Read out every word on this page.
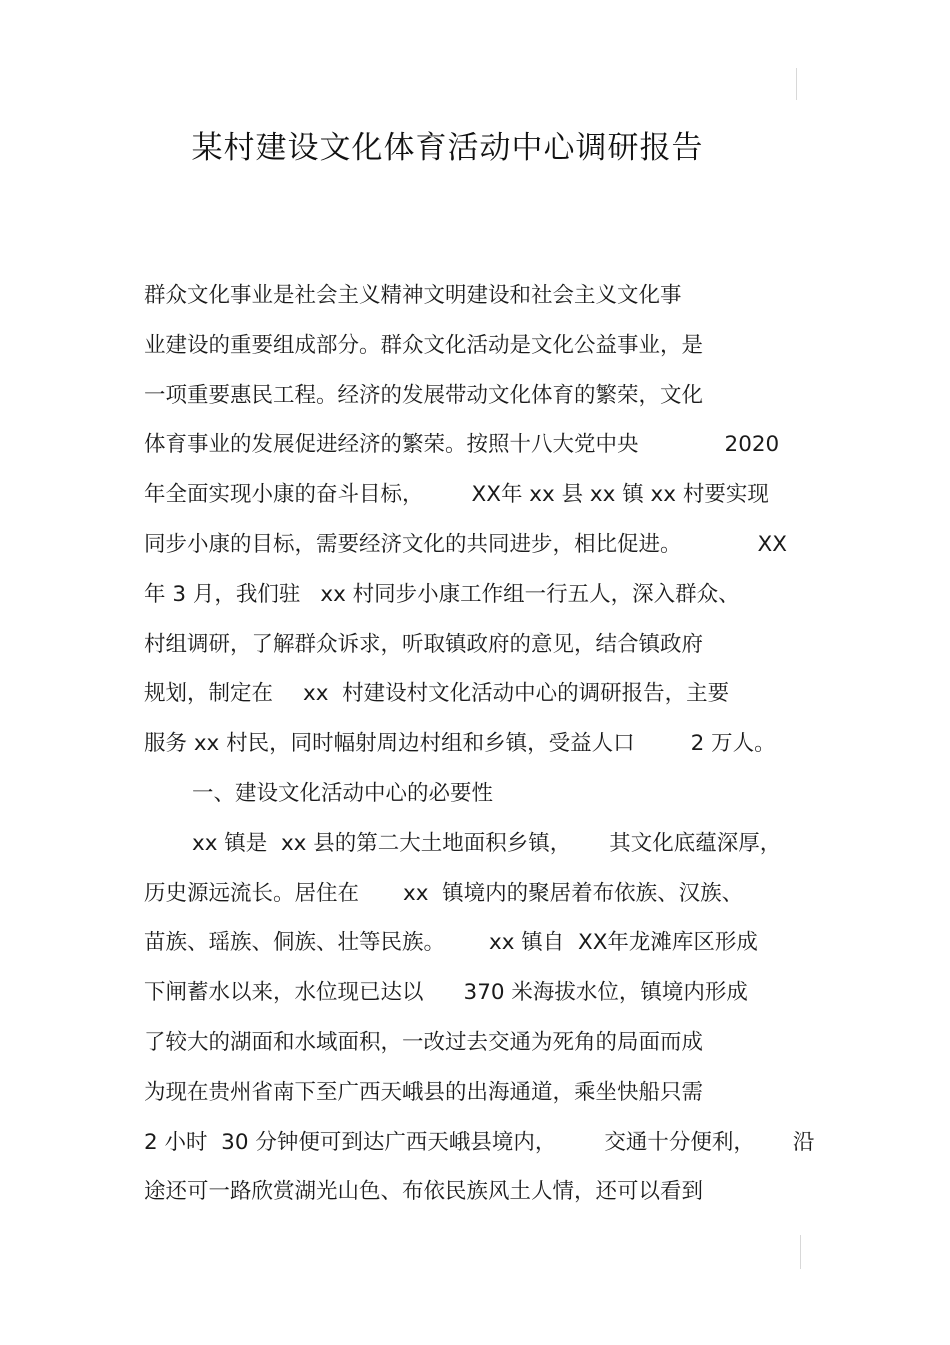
某村建设文化体育活动中心调研报告
群众文化事业是社会主义精神文明建设和社会主义文化事
业建设的重要组成部分。群众文化活动是文化公益事业，是
一项重要惠民工程。经济的发展带动文化体育的繁荣，文化
体育事业的发展促进经济的繁荣。按照十八大党中央	2020
年全面实现小康的奋斗目标， XX年 xx 县 xx 镇 xx 村要实现
同步小康的目标，需要经济文化的共同进步，相比促进。	XX
年 3 月，我们驻 xx 村同步小康工作组一行五人，深入群众、
村组调研，了解群众诉求，听取镇政府的意见，结合镇政府
规划，制定在 xx  村建设村文化活动中心的调研报告，主要
服务 xx 村民，同时幅射周边村组和乡镇，受益人口	2 万人。
一、建设文化活动中心的必要性
xx 镇是  xx 县的第二大土地面积乡镇， 其文化底蕴深厚，
历史源远流长。居住在 xx  镇境内的聚居着布依族、汉族、
苗族、瑶族、侗族、壮等民族。 xx 镇自  XX年龙滩库区形成
下闸蓄水以来，水位现已达以 370 米海拔水位，镇境内形成
了较大的湖面和水域面积，一改过去交通为死角的局面而成
为现在贵州省南下至广西天峨县的出海通道，乘坐快船只需
2 小时  30 分钟便可到达广西天峨县境内， 交通十分便利， 沿
途还可一路欣赏湖光山色、布依民族风土人情，还可以看到
